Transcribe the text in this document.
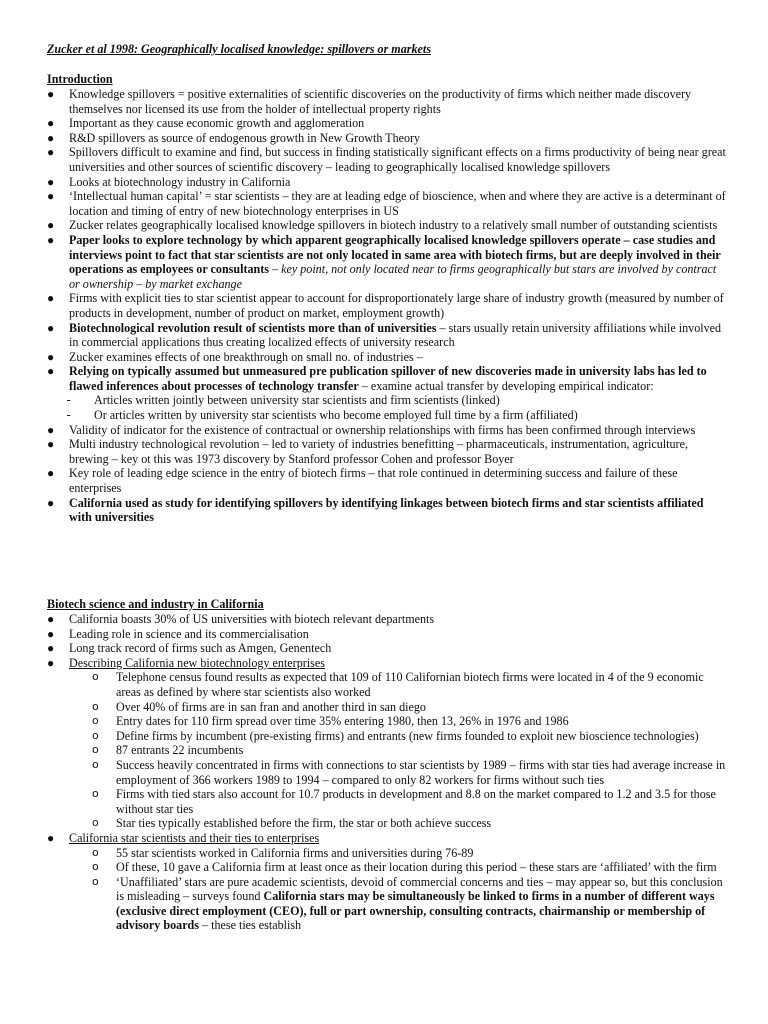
Zucker et al 1998: Geographically localised knowledge: spillovers or markets
Introduction
● Knowledge spillovers = positive externalities of scientific discoveries on the productivity of firms which neither made discovery themselves nor licensed its use from the holder of intellectual property rights
● Important as they cause economic growth and agglomeration
● R&D spillovers as source of endogenous growth in New Growth Theory
● Spillovers difficult to examine and find, but success in finding statistically significant effects on a firms productivity of being near great universities and other sources of scientific discovery – leading to geographically localised knowledge spillovers
● Looks at biotechnology industry in California
● ‘Intellectual human capital’ = star scientists – they are at leading edge of bioscience, when and where they are active is a determinant of location and timing of entry of new biotechnology enterprises in US
● Zucker relates geographically localised knowledge spillovers in biotech industry to a relatively small number of outstanding scientists
● Paper looks to explore technology by which apparent geographically localised knowledge spillovers operate – case studies and interviews point to fact that star scientists are not only located in same area with biotech firms, but are deeply involved in their operations as employees or consultants – key point, not only located near to firms geographically but stars are involved by contract or ownership – by market exchange
● Firms with explicit ties to star scientist appear to account for disproportionately large share of industry growth (measured by number of products in development, number of product on market, employment growth)
● Biotechnological revolution result of scientists more than of universities – stars usually retain university affiliations while involved in commercial applications thus creating localized effects of university research
● Zucker examines effects of one breakthrough on small no. of industries –
● Relying on typically assumed but unmeasured pre publication spillover of new discoveries made in university labs has led to flawed inferences about processes of technology transfer – examine actual transfer by developing empirical indicator:
- Articles written jointly between university star scientists and firm scientists (linked)
- Or articles written by university star scientists who become employed full time by a firm (affiliated)
● Validity of indicator for the existence of contractual or ownership relationships with firms has been confirmed through interviews
● Multi industry technological revolution – led to variety of industries benefitting – pharmaceuticals, instrumentation, agriculture, brewing – key ot this was 1973 discovery by Stanford professor Cohen and professor Boyer
● Key role of leading edge science in the entry of biotech firms – that role continued in determining success and failure of these enterprises
● California used as study for identifying spillovers by identifying linkages between biotech firms and star scientists affiliated with universities
Biotech science and industry in California
● California boasts 30% of US universities with biotech relevant departments
● Leading role in science and its commercialisation
● Long track record of firms such as Amgen, Genentech
● Describing California new biotechnology enterprises
o Telephone census found results as expected that 109 of 110 Californian biotech firms were located in 4 of the 9 economic areas as defined by where star scientists also worked
o Over 40% of firms are in san fran and another third in san diego
o Entry dates for 110 firm spread over time 35% entering 1980, then 13, 26% in 1976 and 1986
o Define firms by incumbent (pre-existing firms) and entrants (new firms founded to exploit new bioscience technologies)
o 87 entrants 22 incumbents
o Success heavily concentrated in firms with connections to star scientists by 1989 – firms with star ties had average increase in employment of 366 workers 1989 to 1994 – compared to only 82 workers for firms without such ties
o Firms with tied stars also account for 10.7 products in development and 8.8 on the market compared to 1.2 and 3.5 for those without star ties
o Star ties typically established before the firm, the star or both achieve success
● California star scientists and their ties to enterprises
o 55 star scientists worked in California firms and universities during 76-89
o Of these, 10 gave a California firm at least once as their location during this period – these stars are ‘affiliated’ with the firm
o ‘Unaffiliated’ stars are pure academic scientists, devoid of commercial concerns and ties – may appear so, but this conclusion is misleading – surveys found California stars may be simultaneously be linked to firms in a number of different ways (exclusive direct employment (CEO), full or part ownership, consulting contracts, chairmanship or membership of advisory boards – these ties establish
